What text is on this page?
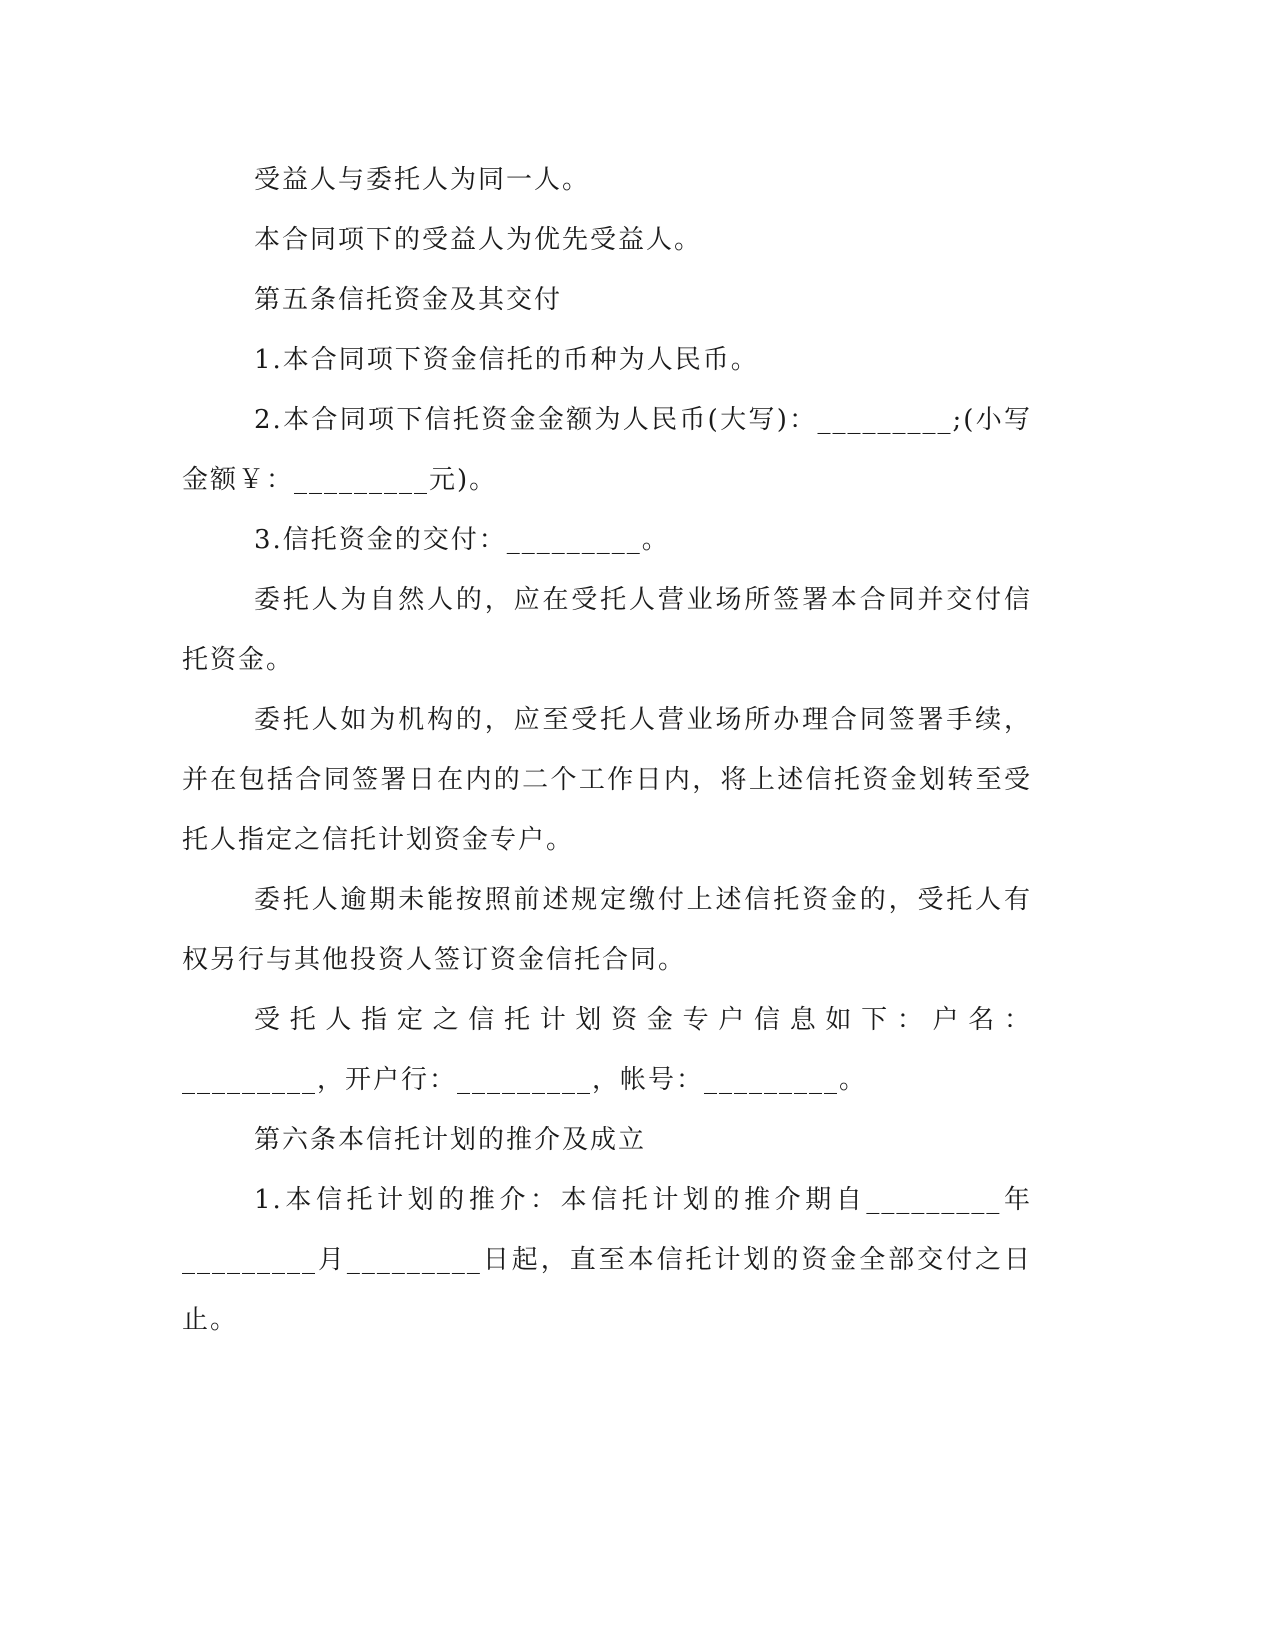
受益人与委托人为同一人。

本合同项下的受益人为优先受益人。

第五条信托资金及其交付

1.本合同项下资金信托的币种为人民币。

2.本合同项下信托资金金额为人民币(大写)：_________;(小写金额￥：_________元)。

3.信托资金的交付：_________。

委托人为自然人的，应在受托人营业场所签署本合同并交付信托资金。

委托人如为机构的，应至受托人营业场所办理合同签署手续，并在包括合同签署日在内的二个工作日内，将上述信托资金划转至受托人指定之信托计划资金专户。

委托人逾期未能按照前述规定缴付上述信托资金的，受托人有权另行与其他投资人签订资金信托合同。

受托人指定之信托计划资金专户信息如下：户名：_________，开户行：_________，帐号：_________。

第六条本信托计划的推介及成立

1.本信托计划的推介：本信托计划的推介期自_________年_________月_________日起，直至本信托计划的资金全部交付之日止。
